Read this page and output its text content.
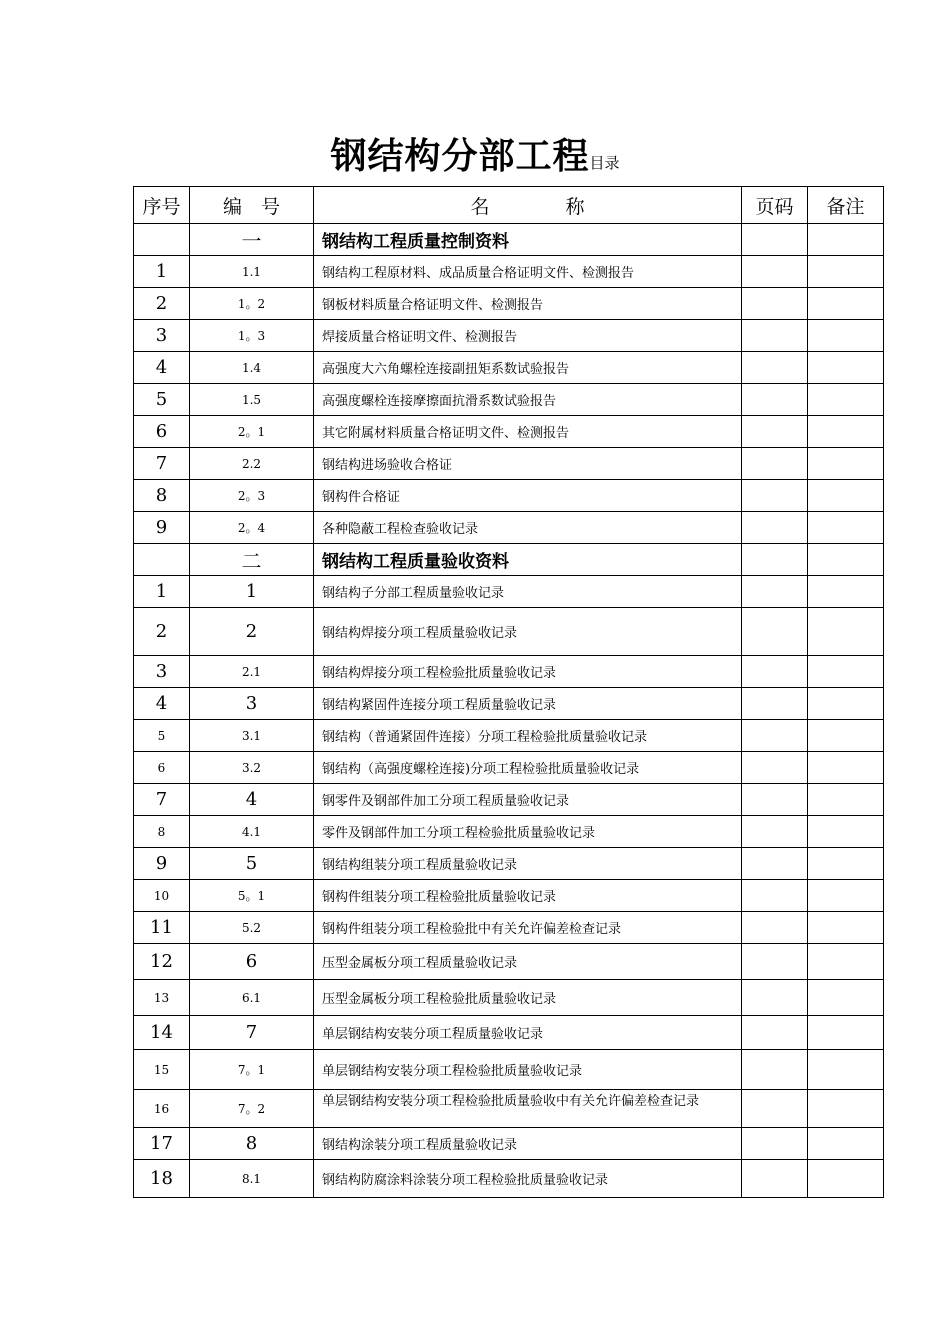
钢结构分部工程目录
序号	编　号	名　　　　称	页码	备注
	一	钢结构工程质量控制资料		
1	1.1	钢结构工程原材料、成品质量合格证明文件、检测报告		
2	1。2	钢板材料质量合格证明文件、检测报告		
3	1。3	焊接质量合格证明文件、检测报告		
4	1.4	高强度大六角螺栓连接副扭矩系数试验报告		
5	1.5	高强度螺栓连接摩擦面抗滑系数试验报告		
6	2。1	其它附属材料质量合格证明文件、检测报告		
7	2.2	钢结构进场验收合格证		
8	2。3	钢构件合格证		
9	2。4	各种隐蔽工程检查验收记录		
	二	钢结构工程质量验收资料		
1	1	钢结构子分部工程质量验收记录		
2	2	钢结构焊接分项工程质量验收记录		
3	2.1	钢结构焊接分项工程检验批质量验收记录		
4	3	钢结构紧固件连接分项工程质量验收记录		
5	3.1	钢结构（普通紧固件连接）分项工程检验批质量验收记录		
6	3.2	钢结构（高强度螺栓连接)分项工程检验批质量验收记录		
7	4	钢零件及钢部件加工分项工程质量验收记录		
8	4.1	零件及钢部件加工分项工程检验批质量验收记录		
9	5	钢结构组装分项工程质量验收记录		
10	5。1	钢构件组装分项工程检验批质量验收记录		
11	5.2	钢构件组装分项工程检验批中有关允许偏差检查记录		
12	6	压型金属板分项工程质量验收记录		
13	6.1	压型金属板分项工程检验批质量验收记录		
14	7	单层钢结构安装分项工程质量验收记录		
15	7。1	单层钢结构安装分项工程检验批质量验收记录		
16	7。2	单层钢结构安装分项工程检验批质量验收中有关允许偏差检查记录		
17	8	钢结构涂装分项工程质量验收记录		
18	8.1	钢结构防腐涂料涂装分项工程检验批质量验收记录		
